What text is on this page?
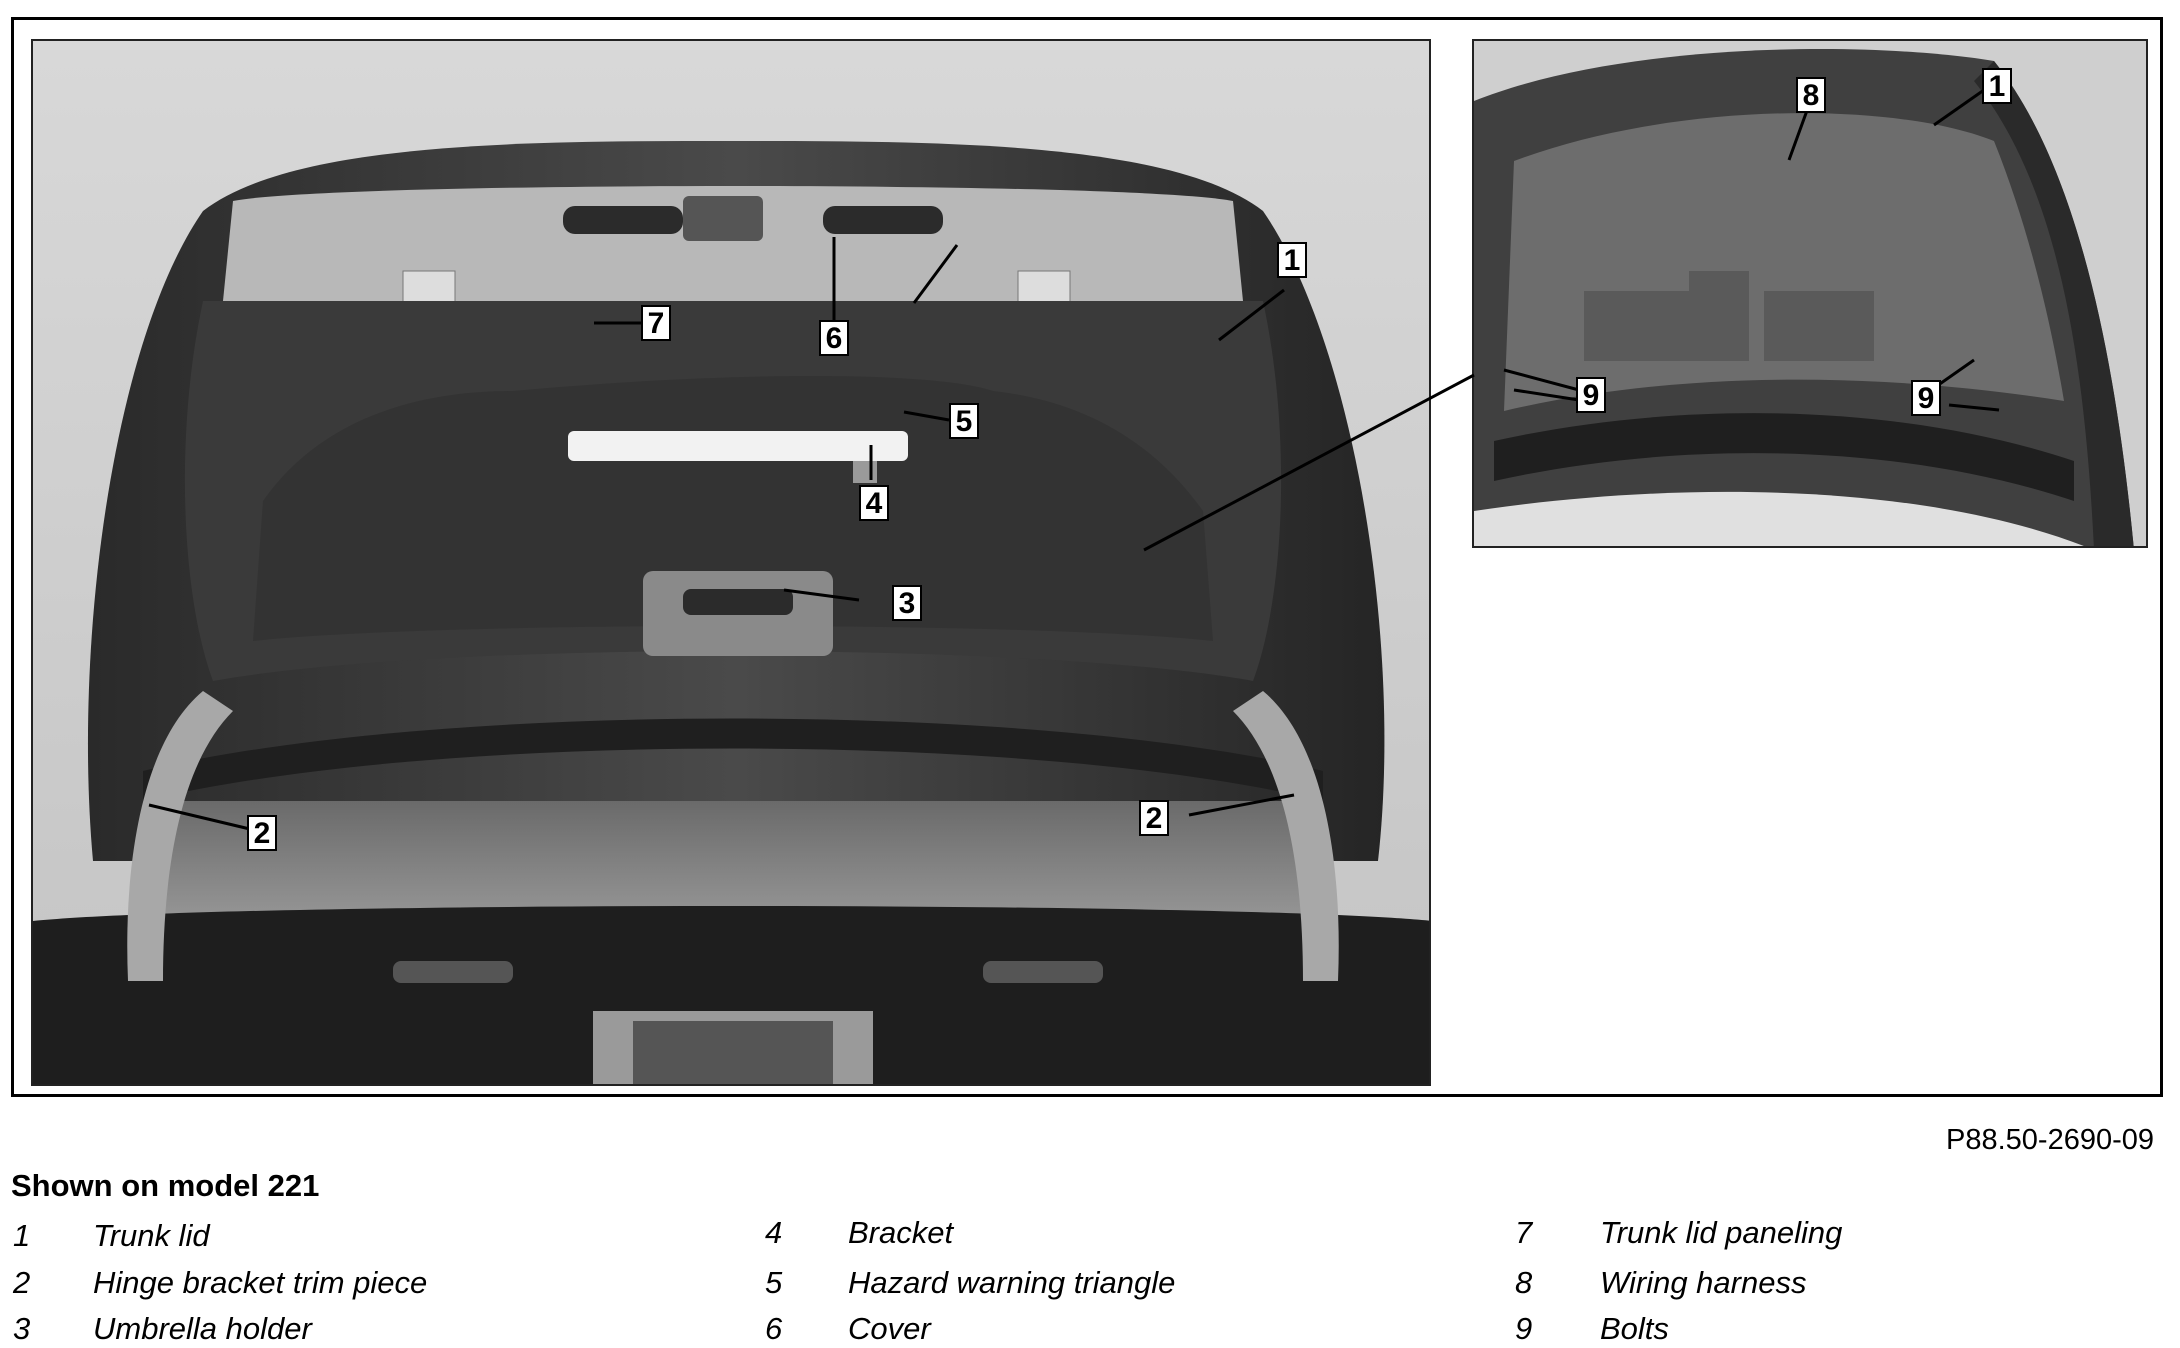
1
2	2
3
4
5
6
7
1
8
9	9
P88.50-2690-09
Shown on model 221
1 Trunk lid
2 Hinge bracket trim piece
3 Umbrella holder
4 Bracket
5 Hazard warning triangle
6 Cover
7 Trunk lid paneling
8 Wiring harness
9 Bolts
